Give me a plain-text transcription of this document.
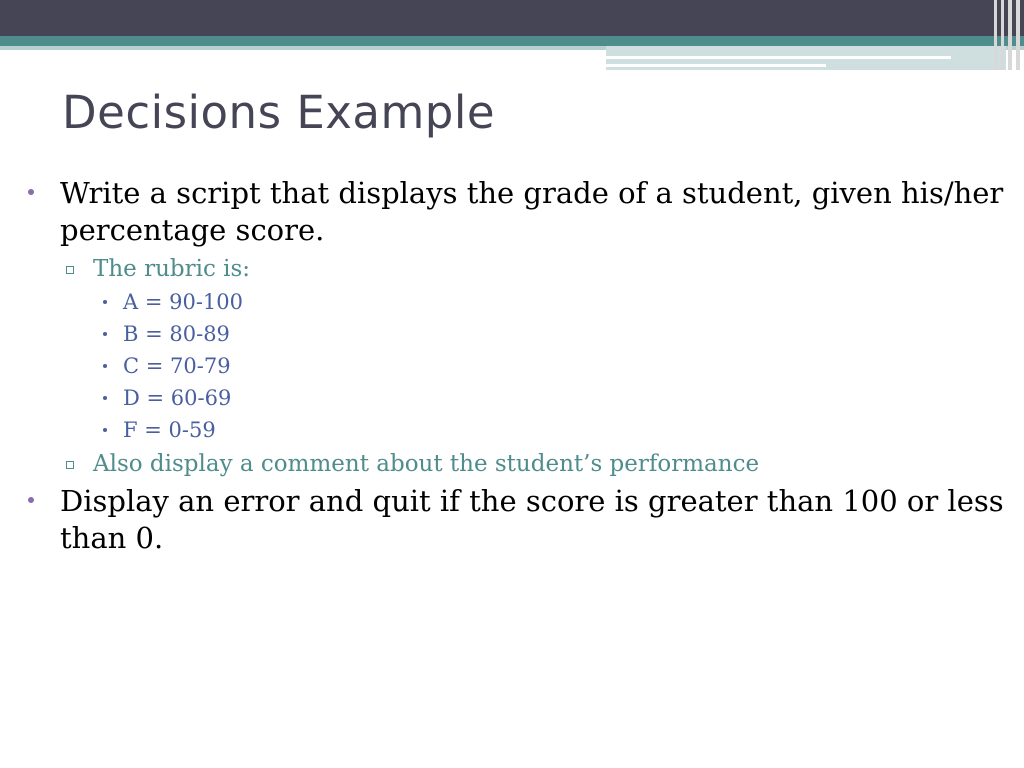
Decisions Example
Write a script that displays the grade of a student, given his/her percentage score.
The rubric is:
A = 90-100
B = 80-89
C = 70-79
D = 60-69
F = 0-59
Also display a comment about the student’s performance
Display an error and quit if the score is greater than 100 or less than 0.
